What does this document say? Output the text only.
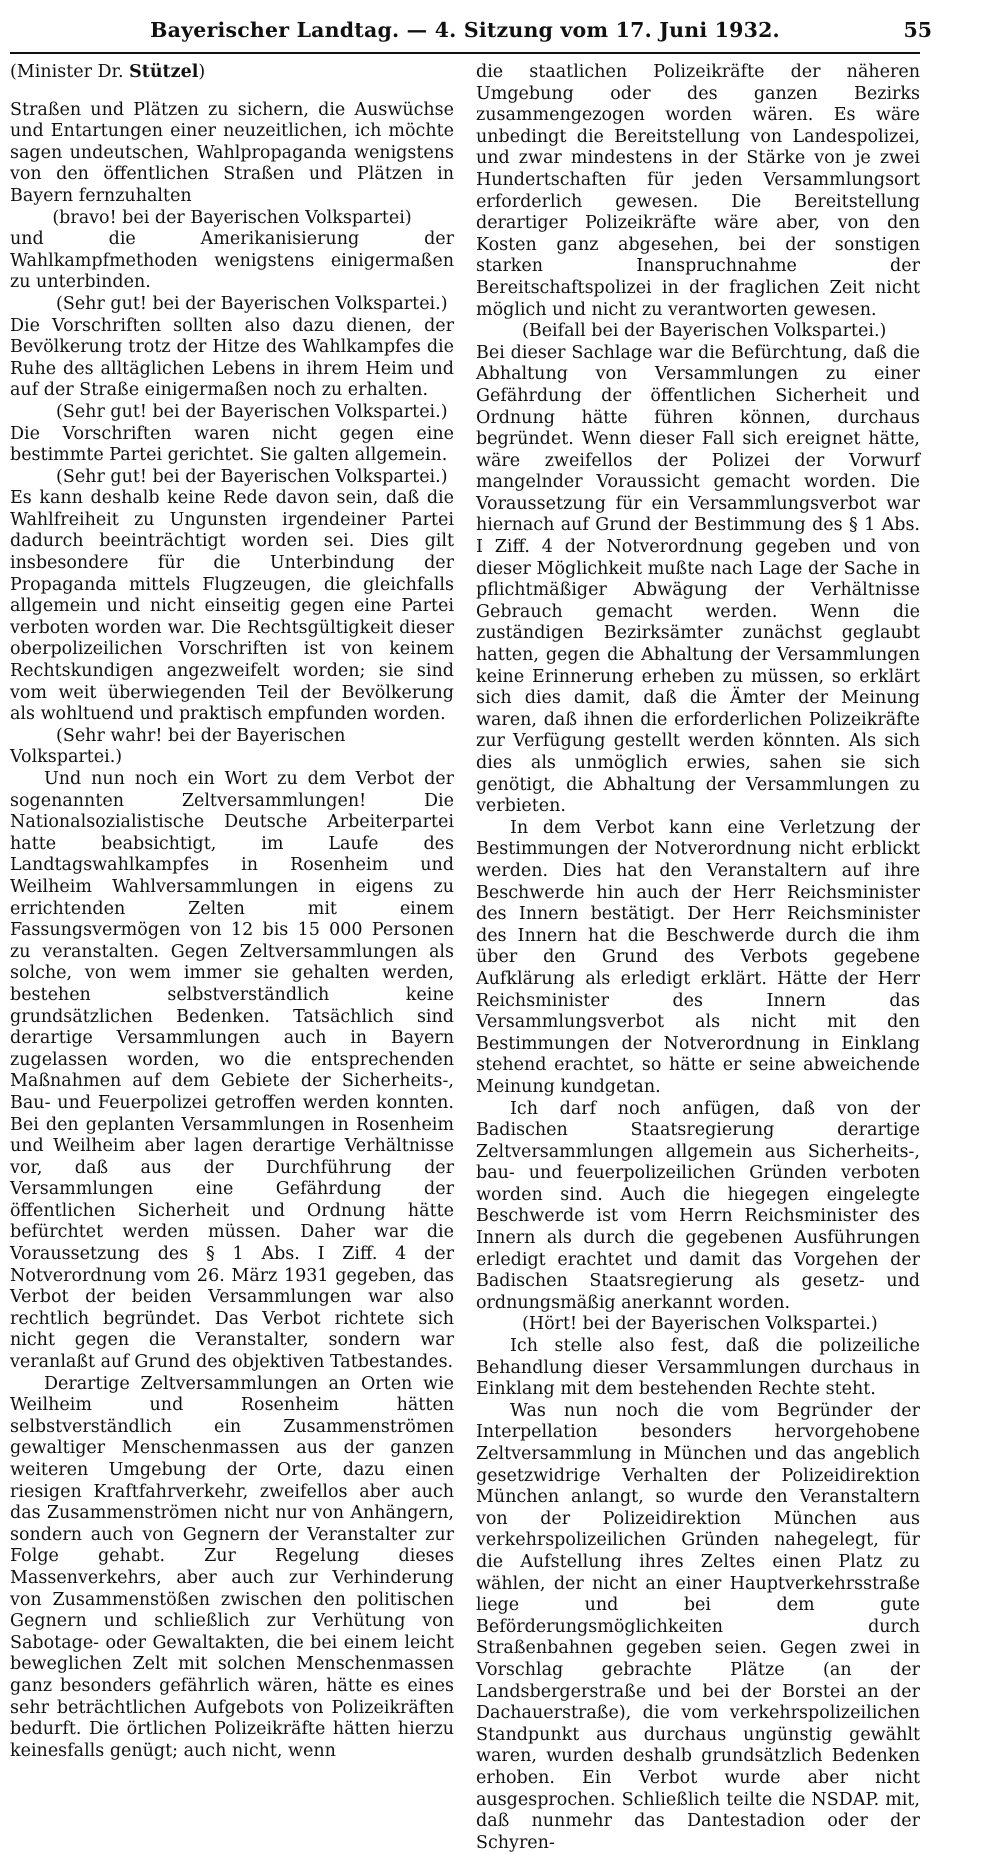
Bayerischer Landtag. — 4. Sitzung vom 17. Juni 1932.	55

(Minister Dr. Stützel)

Straßen und Plätzen zu sichern, die Auswüchse und Entartungen einer neuzeitlichen, ich möchte sagen undeutschen, Wahlpropaganda wenigstens von den öffentlichen Straßen und Plätzen in Bayern fernzuhalten

(bravo! bei der Bayerischen Volkspartei)

und die Amerikanisierung der Wahlkampfmethoden wenigstens einigermaßen zu unterbinden.

(Sehr gut! bei der Bayerischen Volkspartei.)

Die Vorschriften sollten also dazu dienen, der Bevölkerung trotz der Hitze des Wahlkampfes die Ruhe des alltäglichen Lebens in ihrem Heim und auf der Straße einigermaßen noch zu erhalten.

(Sehr gut! bei der Bayerischen Volkspartei.)

Die Vorschriften waren nicht gegen eine bestimmte Partei gerichtet. Sie galten allgemein.

(Sehr gut! bei der Bayerischen Volkspartei.)

Es kann deshalb keine Rede davon sein, daß die Wahlfreiheit zu Ungunsten irgendeiner Partei dadurch beeinträchtigt worden sei. Dies gilt insbesondere für die Unterbindung der Propaganda mittels Flugzeugen, die gleichfalls allgemein und nicht einseitig gegen eine Partei verboten worden war. Die Rechtsgültigkeit dieser oberpolizeilichen Vorschriften ist von keinem Rechtskundigen angezweifelt worden; sie sind vom weit überwiegenden Teil der Bevölkerung als wohltuend und praktisch empfunden worden.

(Sehr wahr! bei der Bayerischen Volkspartei.)

Und nun noch ein Wort zu dem Verbot der sogenannten Zeltversammlungen! Die Nationalsozialistische Deutsche Arbeiterpartei hatte beabsichtigt, im Laufe des Landtagswahlkampfes in Rosenheim und Weilheim Wahlversammlungen in eigens zu errichtenden Zelten mit einem Fassungsvermögen von 12 bis 15 000 Personen zu veranstalten. Gegen Zeltversammlungen als solche, von wem immer sie gehalten werden, bestehen selbstverständlich keine grundsätzlichen Bedenken. Tatsächlich sind derartige Versammlungen auch in Bayern zugelassen worden, wo die entsprechenden Maßnahmen auf dem Gebiete der Sicherheits-, Bau- und Feuerpolizei getroffen werden konnten. Bei den geplanten Versammlungen in Rosenheim und Weilheim aber lagen derartige Verhältnisse vor, daß aus der Durchführung der Versammlungen eine Gefährdung der öffentlichen Sicherheit und Ordnung hätte befürchtet werden müssen. Daher war die Voraussetzung des § 1 Abs. I Ziff. 4 der Notverordnung vom 26. März 1931 gegeben, das Verbot der beiden Versammlungen war also rechtlich begründet. Das Verbot richtete sich nicht gegen die Veranstalter, sondern war veranlaßt auf Grund des objektiven Tatbestandes.

Derartige Zeltversammlungen an Orten wie Weilheim und Rosenheim hätten selbstverständlich ein Zusammenströmen gewaltiger Menschenmassen aus der ganzen weiteren Umgebung der Orte, dazu einen riesigen Kraftfahrverkehr, zweifellos aber auch das Zusammenströmen nicht nur von Anhängern, sondern auch von Gegnern der Veranstalter zur Folge gehabt. Zur Regelung dieses Massenverkehrs, aber auch zur Verhinderung von Zusammenstößen zwischen den politischen Gegnern und schließlich zur Verhütung von Sabotage- oder Gewaltakten, die bei einem leicht beweglichen Zelt mit solchen Menschenmassen ganz besonders gefährlich wären, hätte es eines sehr beträchtlichen Aufgebots von Polizeikräften bedurft. Die örtlichen Polizeikräfte hätten hierzu keinesfalls genügt; auch nicht, wenn

die staatlichen Polizeikräfte der näheren Umgebung oder des ganzen Bezirks zusammengezogen worden wären. Es wäre unbedingt die Bereitstellung von Landespolizei, und zwar mindestens in der Stärke von je zwei Hundertschaften für jeden Versammlungsort erforderlich gewesen. Die Bereitstellung derartiger Polizeikräfte wäre aber, von den Kosten ganz abgesehen, bei der sonstigen starken Inanspruchnahme der Bereitschaftspolizei in der fraglichen Zeit nicht möglich und nicht zu verantworten gewesen.

(Beifall bei der Bayerischen Volkspartei.)

Bei dieser Sachlage war die Befürchtung, daß die Abhaltung von Versammlungen zu einer Gefährdung der öffentlichen Sicherheit und Ordnung hätte führen können, durchaus begründet. Wenn dieser Fall sich ereignet hätte, wäre zweifellos der Polizei der Vorwurf mangelnder Voraussicht gemacht worden. Die Voraussetzung für ein Versammlungsverbot war hiernach auf Grund der Bestimmung des § 1 Abs. I Ziff. 4 der Notverordnung gegeben und von dieser Möglichkeit mußte nach Lage der Sache in pflichtmäßiger Abwägung der Verhältnisse Gebrauch gemacht werden. Wenn die zuständigen Bezirksämter zunächst geglaubt hatten, gegen die Abhaltung der Versammlungen keine Erinnerung erheben zu müssen, so erklärt sich dies damit, daß die Ämter der Meinung waren, daß ihnen die erforderlichen Polizeikräfte zur Verfügung gestellt werden könnten. Als sich dies als unmöglich erwies, sahen sie sich genötigt, die Abhaltung der Versammlungen zu verbieten.

In dem Verbot kann eine Verletzung der Bestimmungen der Notverordnung nicht erblickt werden. Dies hat den Veranstaltern auf ihre Beschwerde hin auch der Herr Reichsminister des Innern bestätigt. Der Herr Reichsminister des Innern hat die Beschwerde durch die ihm über den Grund des Verbots gegebene Aufklärung als erledigt erklärt. Hätte der Herr Reichsminister des Innern das Versammlungsverbot als nicht mit den Bestimmungen der Notverordnung in Einklang stehend erachtet, so hätte er seine abweichende Meinung kundgetan.

Ich darf noch anfügen, daß von der Badischen Staatsregierung derartige Zeltversammlungen allgemein aus Sicherheits-, bau- und feuerpolizeilichen Gründen verboten worden sind. Auch die hiegegen eingelegte Beschwerde ist vom Herrn Reichsminister des Innern als durch die gegebenen Ausführungen erledigt erachtet und damit das Vorgehen der Badischen Staatsregierung als gesetz- und ordnungsmäßig anerkannt worden.

(Hört! bei der Bayerischen Volkspartei.)

Ich stelle also fest, daß die polizeiliche Behandlung dieser Versammlungen durchaus in Einklang mit dem bestehenden Rechte steht.

Was nun noch die vom Begründer der Interpellation besonders hervorgehobene Zeltversammlung in München und das angeblich gesetzwidrige Verhalten der Polizeidirektion München anlangt, so wurde den Veranstaltern von der Polizeidirektion München aus verkehrspolizeilichen Gründen nahegelegt, für die Aufstellung ihres Zeltes einen Platz zu wählen, der nicht an einer Hauptverkehrsstraße liege und bei dem gute Beförderungsmöglichkeiten durch Straßenbahnen gegeben seien. Gegen zwei in Vorschlag gebrachte Plätze (an der Landsbergerstraße und bei der Borstei an der Dachauerstraße), die vom verkehrspolizeilichen Standpunkt aus durchaus ungünstig gewählt waren, wurden deshalb grundsätzlich Bedenken erhoben. Ein Verbot wurde aber nicht ausgesprochen. Schließlich teilte die NSDAP. mit, daß nunmehr das Dantestadion oder der Schyren-
